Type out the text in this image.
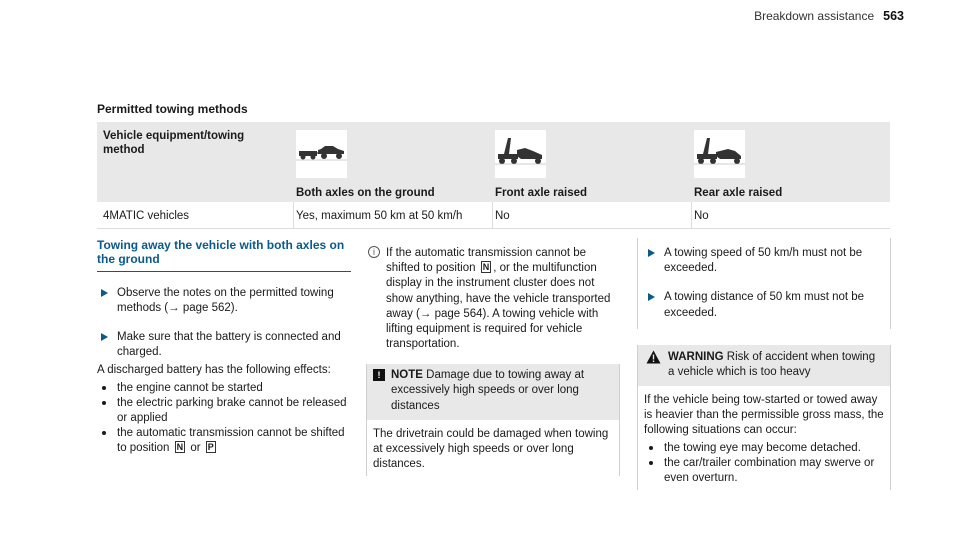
Breakdown assistance 563
Permitted towing methods
Vehicle equipment/towing method
Both axles on the ground	Front axle raised	Rear axle raised
4MATIC vehicles	Yes, maximum 50 km at 50 km/h	No	No
Towing away the vehicle with both axles on the ground
Observe the notes on the permitted towing methods (→ page 562).
Make sure that the battery is connected and charged.
A discharged battery has the following effects:
the engine cannot be started
the electric parking brake cannot be released or applied
the automatic transmission cannot be shifted to position N or P
i If the automatic transmission cannot be shifted to position N , or the multifunction display in the instrument cluster does not show anything, have the vehicle transported away (→ page 564). A towing vehicle with lifting equipment is required for vehicle transportation.
! NOTE Damage due to towing away at excessively high speeds or over long distances
The drivetrain could be damaged when towing at excessively high speeds or over long distances.
A towing speed of 50 km/h must not be exceeded.
A towing distance of 50 km must not be exceeded.
WARNING Risk of accident when towing a vehicle which is too heavy
If the vehicle being tow-started or towed away is heavier than the permissible gross mass, the following situations can occur:
the towing eye may become detached.
the car/trailer combination may swerve or even overturn.
